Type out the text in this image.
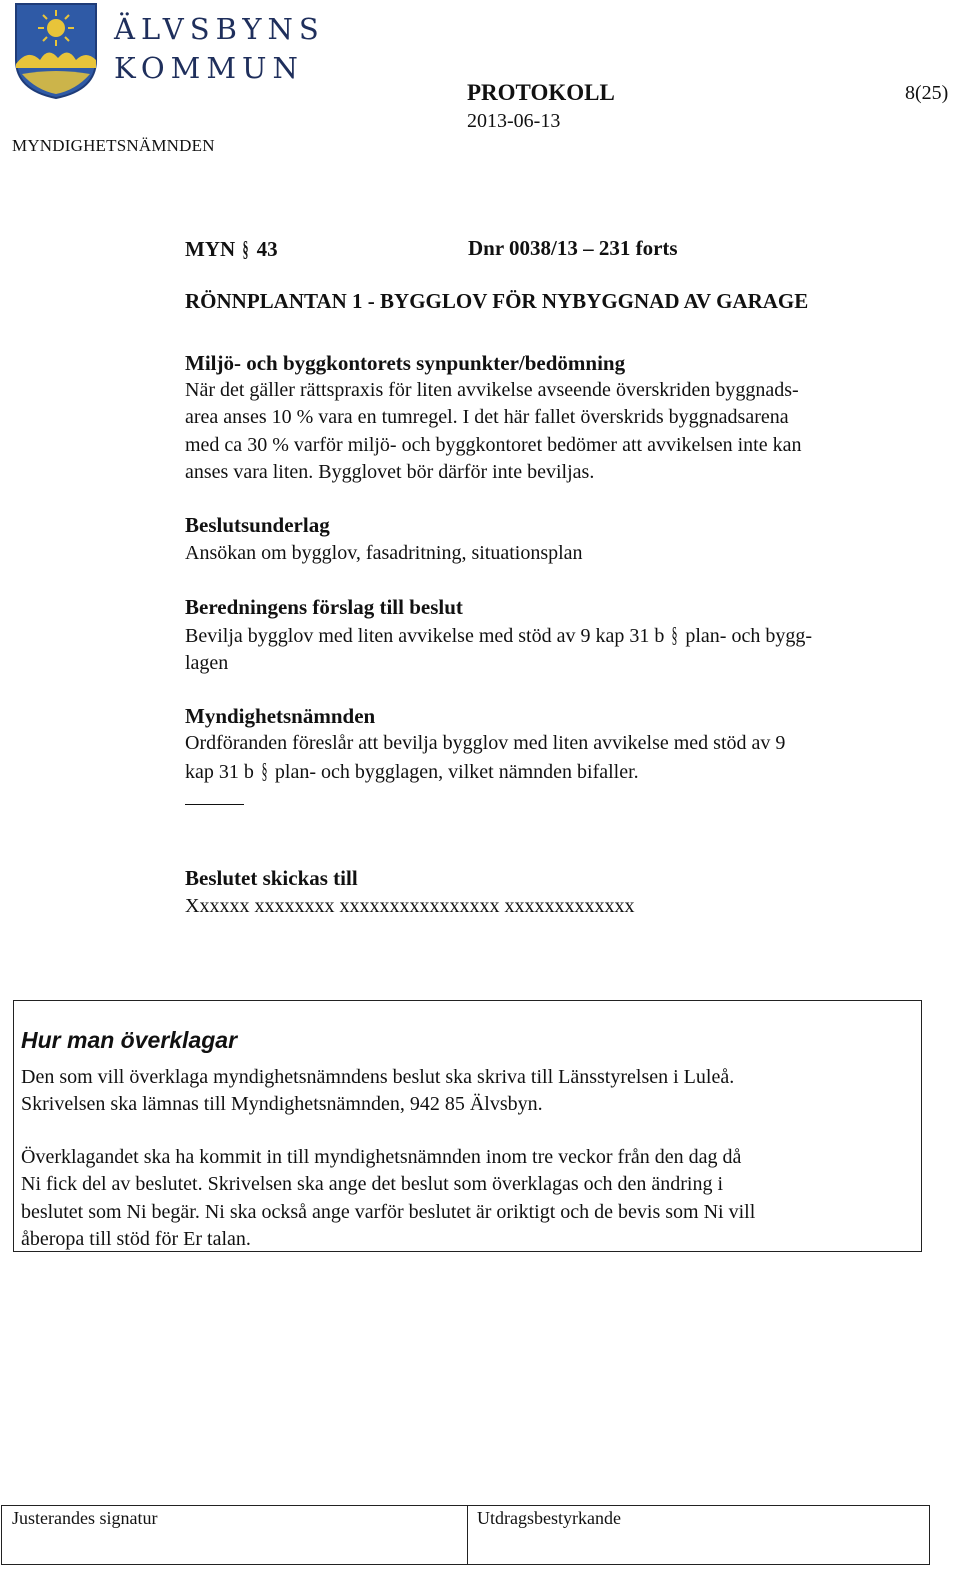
ÄLVSBYNS
KOMMUN
PROTOKOLL	8(25)
2013-06-13
MYNDIGHETSNÄMNDEN
MYN § 43	Dnr 0038/13 – 231 forts
RÖNNPLANTAN 1 - BYGGLOV FÖR NYBYGGNAD AV GARAGE
Miljö- och byggkontorets synpunkter/bedömning
När det gäller rättspraxis för liten avvikelse avseende överskriden byggnads-
area anses 10 % vara en tumregel. I det här fallet överskrids byggnadsarena
med ca 30 % varför miljö- och byggkontoret bedömer att avvikelsen inte kan
anses vara liten. Bygglovet bör därför inte beviljas.
Beslutsunderlag
Ansökan om bygglov, fasadritning, situationsplan
Beredningens förslag till beslut
Bevilja bygglov med liten avvikelse med stöd av 9 kap 31 b § plan- och bygg-
lagen
Myndighetsnämnden
Ordföranden föreslår att bevilja bygglov med liten avvikelse med stöd av 9
kap 31 b § plan- och bygglagen, vilket nämnden bifaller.
Beslutet skickas till
Xxxxxx xxxxxxxx xxxxxxxxxxxxxxxx xxxxxxxxxxxxx
Hur man överklagar
Den som vill överklaga myndighetsnämndens beslut ska skriva till Länsstyrelsen i Luleå.
Skrivelsen ska lämnas till Myndighetsnämnden, 942 85 Älvsbyn.
Överklagandet ska ha kommit in till myndighetsnämnden inom tre veckor från den dag då
Ni fick del av beslutet. Skrivelsen ska ange det beslut som överklagas och den ändring i
beslutet som Ni begär. Ni ska också ange varför beslutet är oriktigt och de bevis som Ni vill
åberopa till stöd för Er talan.
Justerandes signatur	Utdragsbestyrkande
